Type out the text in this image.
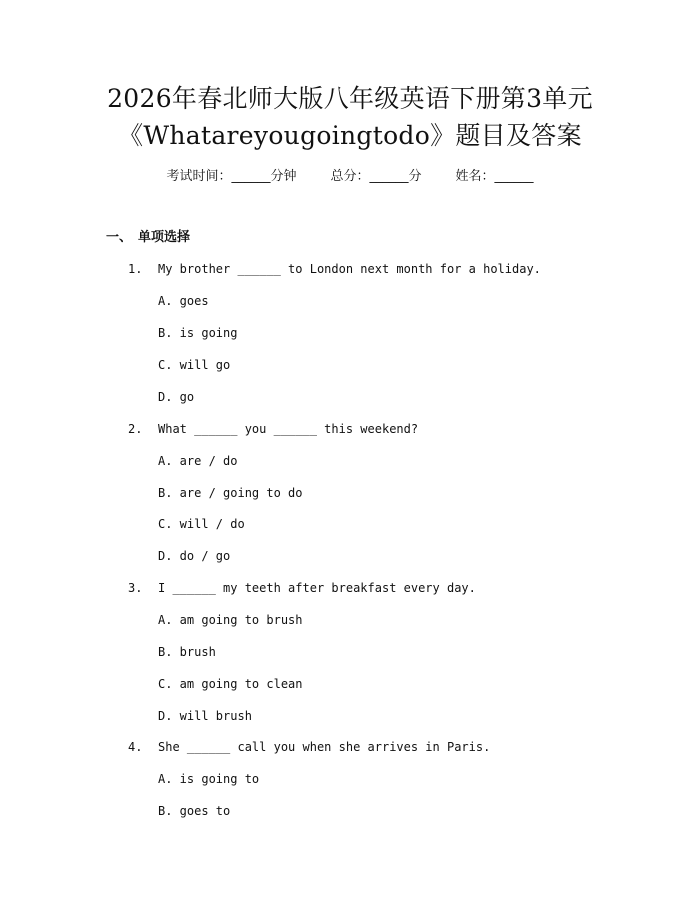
2026年春北师大版八年级英语下册第3单元
《Whatareyougoingtodo》题目及答案
考试时间：______分钟	总分：______分	姓名：______
一、 单项选择
1. My brother ______ to London next month for a holiday.
A. goes
B. is going
C. will go
D. go
2. What ______ you ______ this weekend?
A. are / do
B. are / going to do
C. will / do
D. do / go
3. I ______ my teeth after breakfast every day.
A. am going to brush
B. brush
C. am going to clean
D. will brush
4. She ______ call you when she arrives in Paris.
A. is going to
B. goes to
